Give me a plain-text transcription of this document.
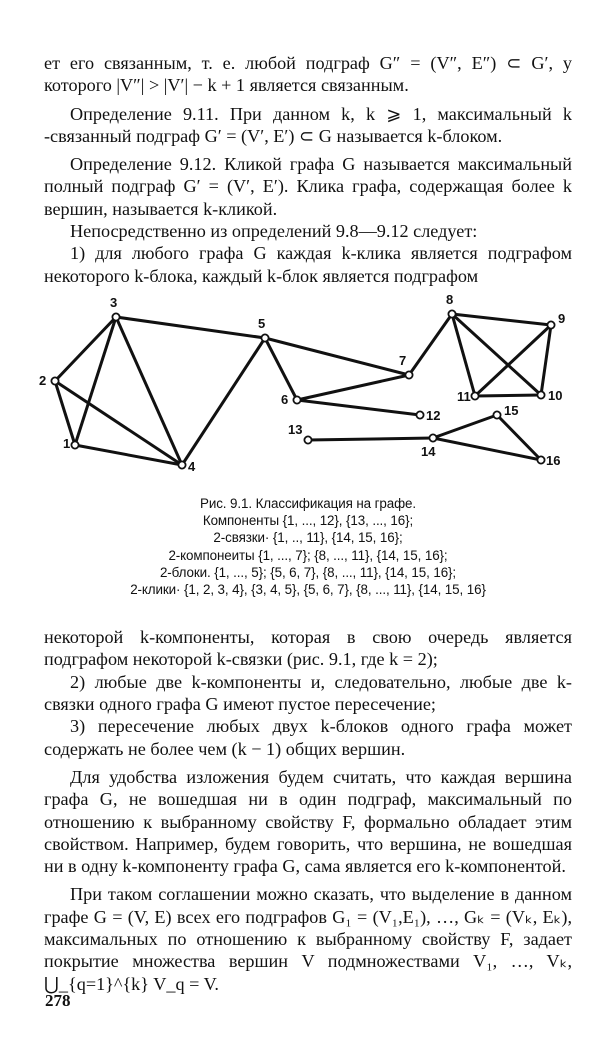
ет его связанным, т. е. любой подграф G″ = (V″, E″) ⊂ G′, у которого |V″| > |V′| − k + 1 является связанным.

Определение 9.11. При данном k, k ⩾ 1, максимальный k -связанный подграф G′ = (V′, E′) ⊂ G называется k-блоком.

Определение 9.12. Кликой графа G называется максимальный полный подграф G′ = (V′, E′). Клика графа, содержащая более k вершин, называется k-кликой.

Непосредственно из определений 9.8—9.12 следует:

1) для любого графа G каждая k-клика является подграфом некоторого k-блока, каждый k-блок является подграфом

1
2
3
4
5
6
7
8
9
10
11
12
13
14
15
16
Рис. 9.1. Классификация на графе.
Компоненты {1, ..., 12}, {13, ..., 16};
2-связки· {1, .., 11}, {14, 15, 16};
2-компонеиты {1, ..., 7}; {8, ..., 11}, {14, 15, 16};
2-блоки. {1, ..., 5}; {5, 6, 7}, {8, ..., 11}, {14, 15, 16};
2-клики· {1, 2, 3, 4}, {3, 4, 5}, {5, 6, 7}, {8, ..., 11}, {14, 15, 16}

некоторой k-компоненты, которая в свою очередь является подграфом некоторой k-связки (рис. 9.1, где k = 2);

2) любые две k-компоненты и, следовательно, любые две k-связки одного графа G имеют пустое пересечение;

3) пересечение любых двух k-блоков одного графа может содержать не более чем (k − 1) общих вершин.

Для удобства изложения будем считать, что каждая вершина графа G, не вошедшая ни в один подграф, максимальный по отношению к выбранному свойству F, формально обладает этим свойством. Например, будем говорить, что вершина, не вошедшая ни в одну k-компоненту графа G, сама является его k-компонентой.

При таком соглашении можно сказать, что выделение в данном графе G = (V, E) всех его подграфов G₁ = (V₁,E₁), …, Gₖ = (Vₖ, Eₖ), максимальных по отношению к выбранному свойству F, задает покрытие множества вершин V подмножествами V₁, …, Vₖ, ⋃_{q=1}^{k} V_q = V.

278
